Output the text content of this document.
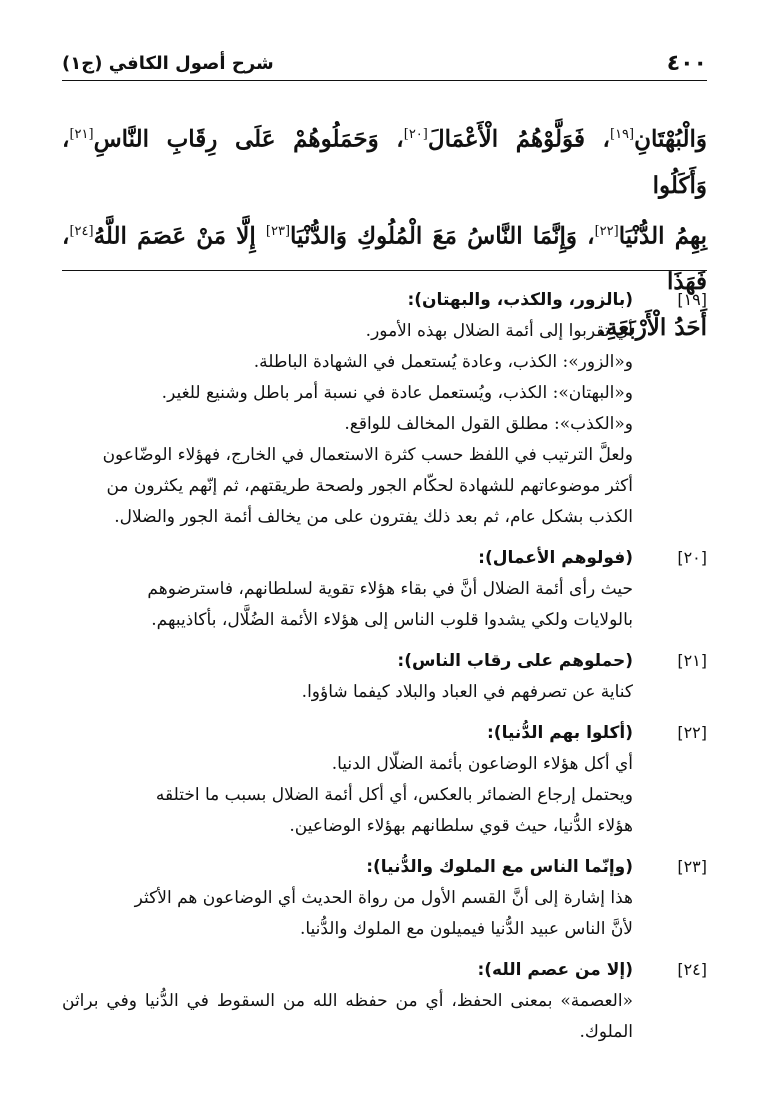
٤٠٠
شرح أصول الكافي (ج١)
وَالْبُهْتَانِ[١٩]، فَوَلَّوْهُمُ الْأَعْمَالَ[٢٠]، وَحَمَلُوهُمْ عَلَى رِقَابِ النَّاسِ[٢١]، وَأَكَلُوا
بِهِمُ الدُّنْيَا[٢٢]، وَإِنَّمَا النَّاسُ مَعَ الْمُلُوكِ وَالدُّنْيَا[٢٣] إِلَّا مَنْ عَصَمَ اللَّهُ[٢٤]، فَهَذَا
أَحَدُ الْأَرْبَعَةِ.
[١٩]
(بالزور، والكذب، والبهتان):
أي تقربوا إلى أئمة الضلال بهذه الأمور.
و«الزور»: الكذب، وعادة يُستعمل في الشهادة الباطلة.
و«البهتان»: الكذب، ويُستعمل عادة في نسبة أمر باطل وشنيع للغير.
و«الكذب»: مطلق القول المخالف للواقع.
ولعلَّ الترتيب في اللفظ حسب كثرة الاستعمال في الخارج، فهؤلاء الوضّاعون
أكثر موضوعاتهم للشهادة لحكّام الجور ولصحة طريقتهم، ثم إنّهم يكثرون من
الكذب بشكل عام، ثم بعد ذلك يفترون على من يخالف أئمة الجور والضلال.
[٢٠]
(فولوهم الأعمال):
حيث رأى أئمة الضلال أنَّ في بقاء هؤلاء تقوية لسلطانهم، فاسترضوهم
بالولايات ولكي يشدوا قلوب الناس إلى هؤلاء الأئمة الضُلَّال، بأكاذيبهم.
[٢١]
(حملوهم على رقاب الناس):
كناية عن تصرفهم في العباد والبلاد كيفما شاؤوا.
[٢٢]
(أكلوا بهم الدُّنيا):
أي أكل هؤلاء الوضاعون بأئمة الضلّال الدنيا.
ويحتمل إرجاع الضمائر بالعكس، أي أكل أئمة الضلال بسبب ما اختلقه
هؤلاء الدُّنيا، حيث قوي سلطانهم بهؤلاء الوضاعين.
[٢٣]
(وإنّما الناس مع الملوك والدُّنيا):
هذا إشارة إلى أنَّ القسم الأول من رواة الحديث أي الوضاعون هم الأكثر
لأنَّ الناس عبيد الدُّنيا فيميلون مع الملوك والدُّنيا.
[٢٤]
(إلا من عصم الله):
«العصمة» بمعنى الحفظ، أي من حفظه الله من السقوط في الدُّنيا وفي براثن الملوك.
